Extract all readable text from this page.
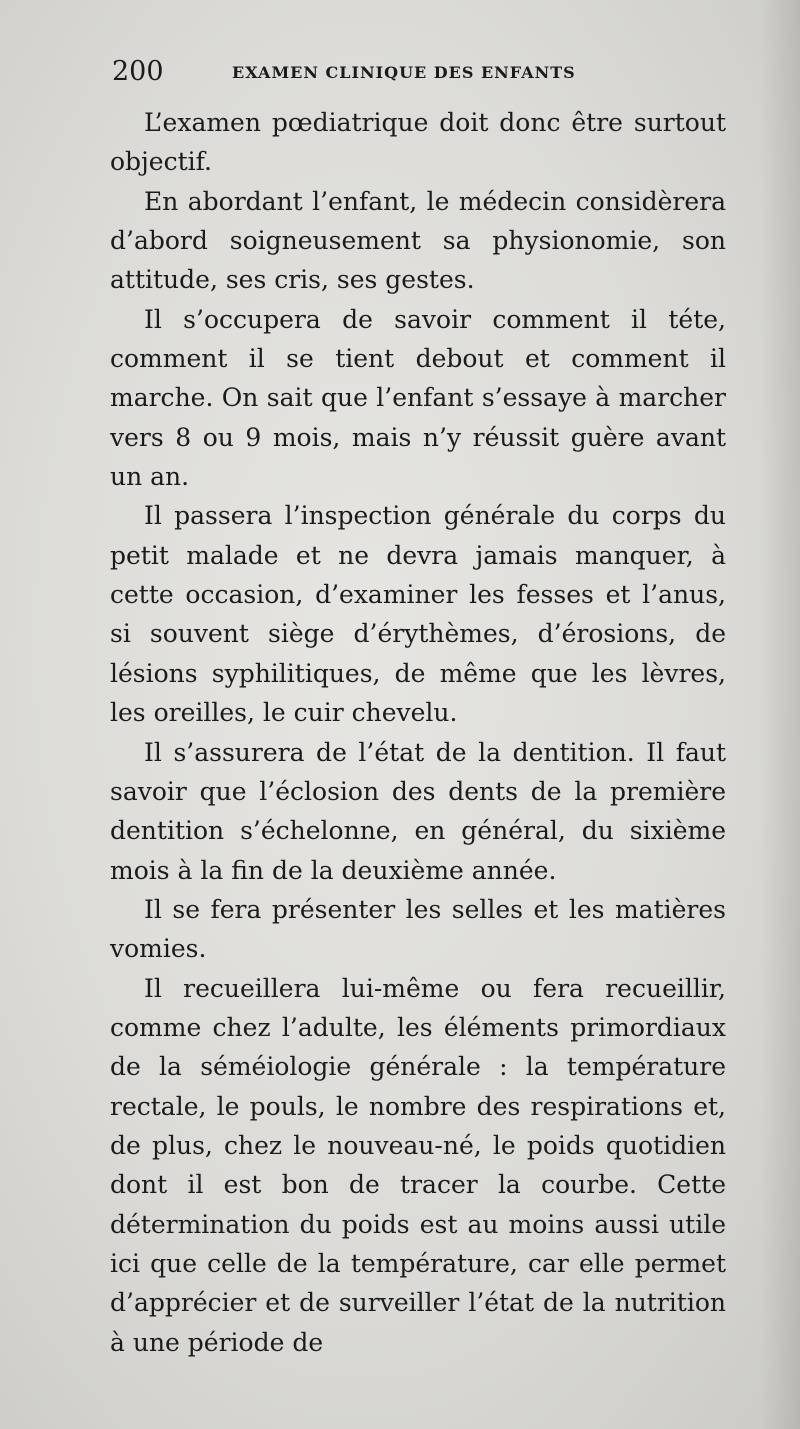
200	EXAMEN CLINIQUE DES ENFANTS

L’examen pœdiatrique doit donc être surtout objectif.

En abordant l’enfant, le médecin considèrera d’abord soigneusement sa physionomie, son attitude, ses cris, ses gestes.

Il s’occupera de savoir comment il téte, comment il se tient debout et comment il marche. On sait que l’enfant s’essaye à marcher vers 8 ou 9 mois, mais n’y réussit guère avant un an.

Il passera l’inspection générale du corps du petit malade et ne devra jamais manquer, à cette occasion, d’examiner les fesses et l’anus, si souvent siège d’érythèmes, d’érosions, de lésions syphilitiques, de même que les lèvres, les oreilles, le cuir chevelu.

Il s’assurera de l’état de la dentition. Il faut savoir que l’éclosion des dents de la première dentition s’échelonne, en général, du sixième mois à la fin de la deuxième année.

Il se fera présenter les selles et les matières vomies.

Il recueillera lui-même ou fera recueillir, comme chez l’adulte, les éléments primordiaux de la séméiologie générale : la température rectale, le pouls, le nombre des respirations et, de plus, chez le nouveau-né, le poids quotidien dont il est bon de tracer la courbe. Cette détermination du poids est au moins aussi utile ici que celle de la température, car elle permet d’apprécier et de surveiller l’état de la nutrition à une période de
